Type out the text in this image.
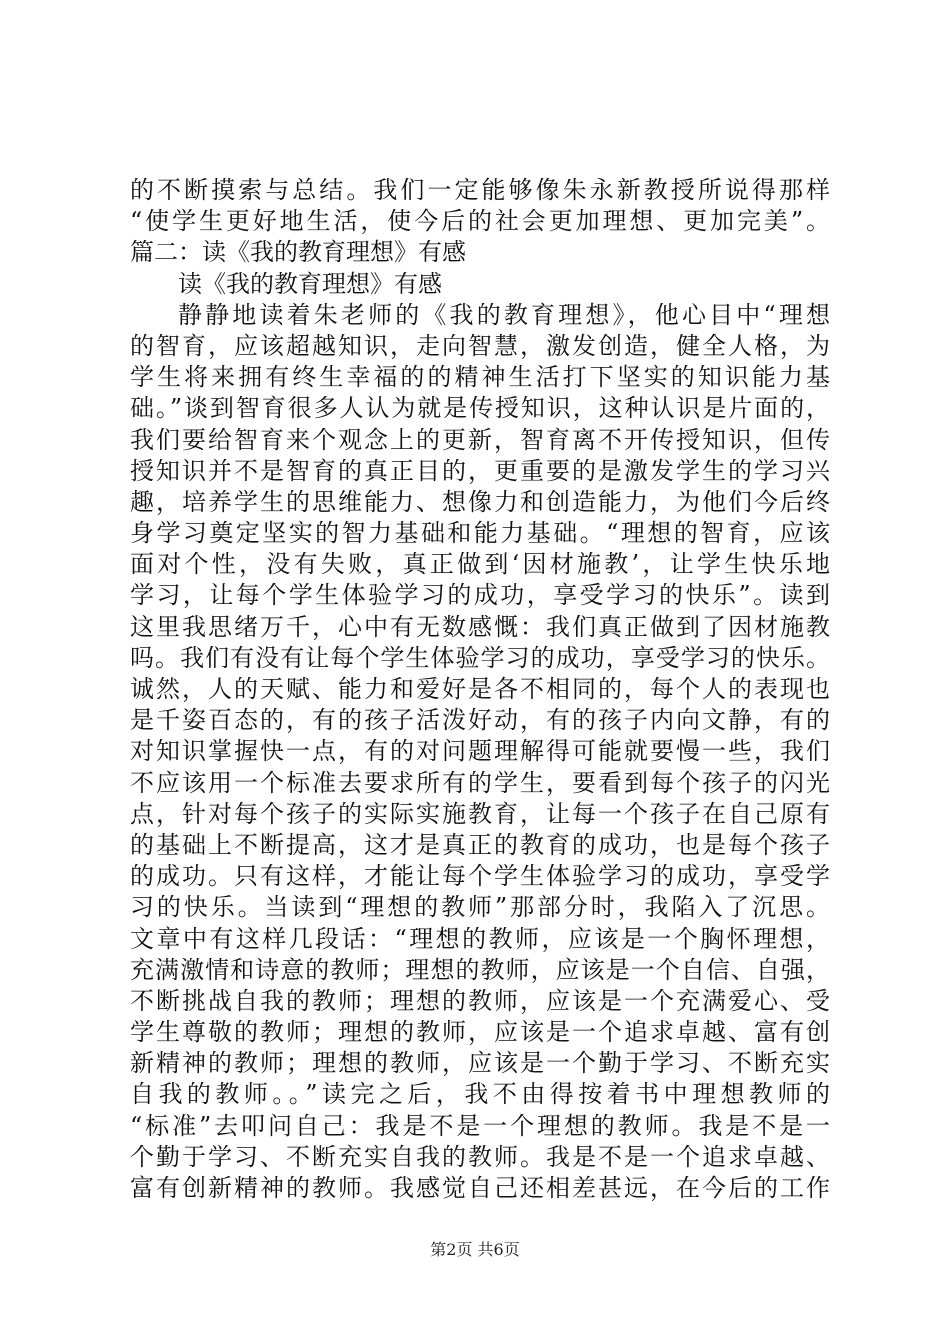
的不断摸索与总结。我们一定能够像朱永新教授所说得那样
“使学生更好地生活，使今后的社会更加理想、更加完美”。
篇二：读《我的教育理想》有感
读《我的教育理想》有感
静静地读着朱老师的《我的教育理想》，他心目中“理想
的智育，应该超越知识，走向智慧，激发创造，健全人格，为
学生将来拥有终生幸福的的精神生活打下坚实的知识能力基
础。”谈到智育很多人认为就是传授知识，这种认识是片面的，
我们要给智育来个观念上的更新，智育离不开传授知识，但传
授知识并不是智育的真正目的，更重要的是激发学生的学习兴
趣，培养学生的思维能力、想像力和创造能力，为他们今后终
身学习奠定坚实的智力基础和能力基础。“理想的智育，应该
面对个性，没有失败，真正做到‘因材施教’，让学生快乐地
学习，让每个学生体验学习的成功，享受学习的快乐”。读到
这里我思绪万千，心中有无数感慨：我们真正做到了因材施教
吗。我们有没有让每个学生体验学习的成功，享受学习的快乐。
诚然，人的天赋、能力和爱好是各不相同的，每个人的表现也
是千姿百态的，有的孩子活泼好动，有的孩子内向文静，有的
对知识掌握快一点，有的对问题理解得可能就要慢一些，我们
不应该用一个标准去要求所有的学生，要看到每个孩子的闪光
点，针对每个孩子的实际实施教育，让每一个孩子在自己原有
的基础上不断提高，这才是真正的教育的成功，也是每个孩子
的成功。只有这样，才能让每个学生体验学习的成功，享受学
习的快乐。当读到“理想的教师”那部分时，我陷入了沉思。
文章中有这样几段话：“理想的教师，应该是一个胸怀理想，
充满激情和诗意的教师；理想的教师，应该是一个自信、自强，
不断挑战自我的教师；理想的教师，应该是一个充满爱心、受
学生尊敬的教师；理想的教师，应该是一个追求卓越、富有创
新精神的教师；理想的教师，应该是一个勤于学习、不断充实
自我的教师。。”读完之后，我不由得按着书中理想教师的
“标准”去叩问自己：我是不是一个理想的教师。我是不是一
个勤于学习、不断充实自我的教师。我是不是一个追求卓越、
富有创新精神的教师。我感觉自己还相差甚远，在今后的工作
第2页 共6页
